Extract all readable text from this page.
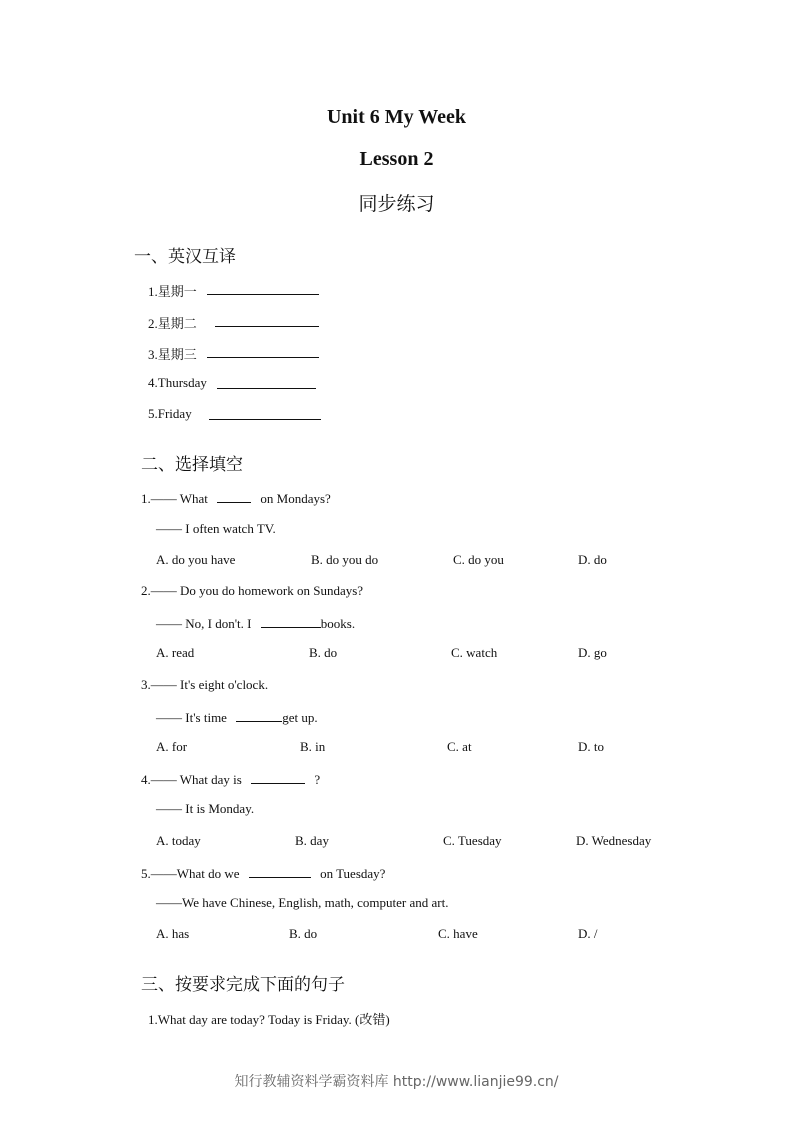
Unit 6 My Week
Lesson 2
同步练习
一、英汉互译
1.星期一
2.星期二
3.星期三
4.Thursday
5.Friday
二、选择填空
1.—— What	on Mondays?
—— I often watch TV.
A. do you have	B. do you do	C. do you	D. do
2.—— Do you do homework on Sundays?
—— No, I don't. I	books.
A. read	B. do	C. watch	D. go
3.—— It's eight o'clock.
—— It's time	get up.
A. for	B. in	C. at	D. to
4.—— What day is	?
—— It is Monday.
A. today	B. day	C. Tuesday	D. Wednesday
5.——What do we	on Tuesday?
——We have Chinese, English, math, computer and art.
A. has	B. do	C. have	D. /
三、按要求完成下面的句子
1.What day are today? Today is Friday. (改错)
知行教辅资料学霸资料库 http://www.lianjie99.cn/
